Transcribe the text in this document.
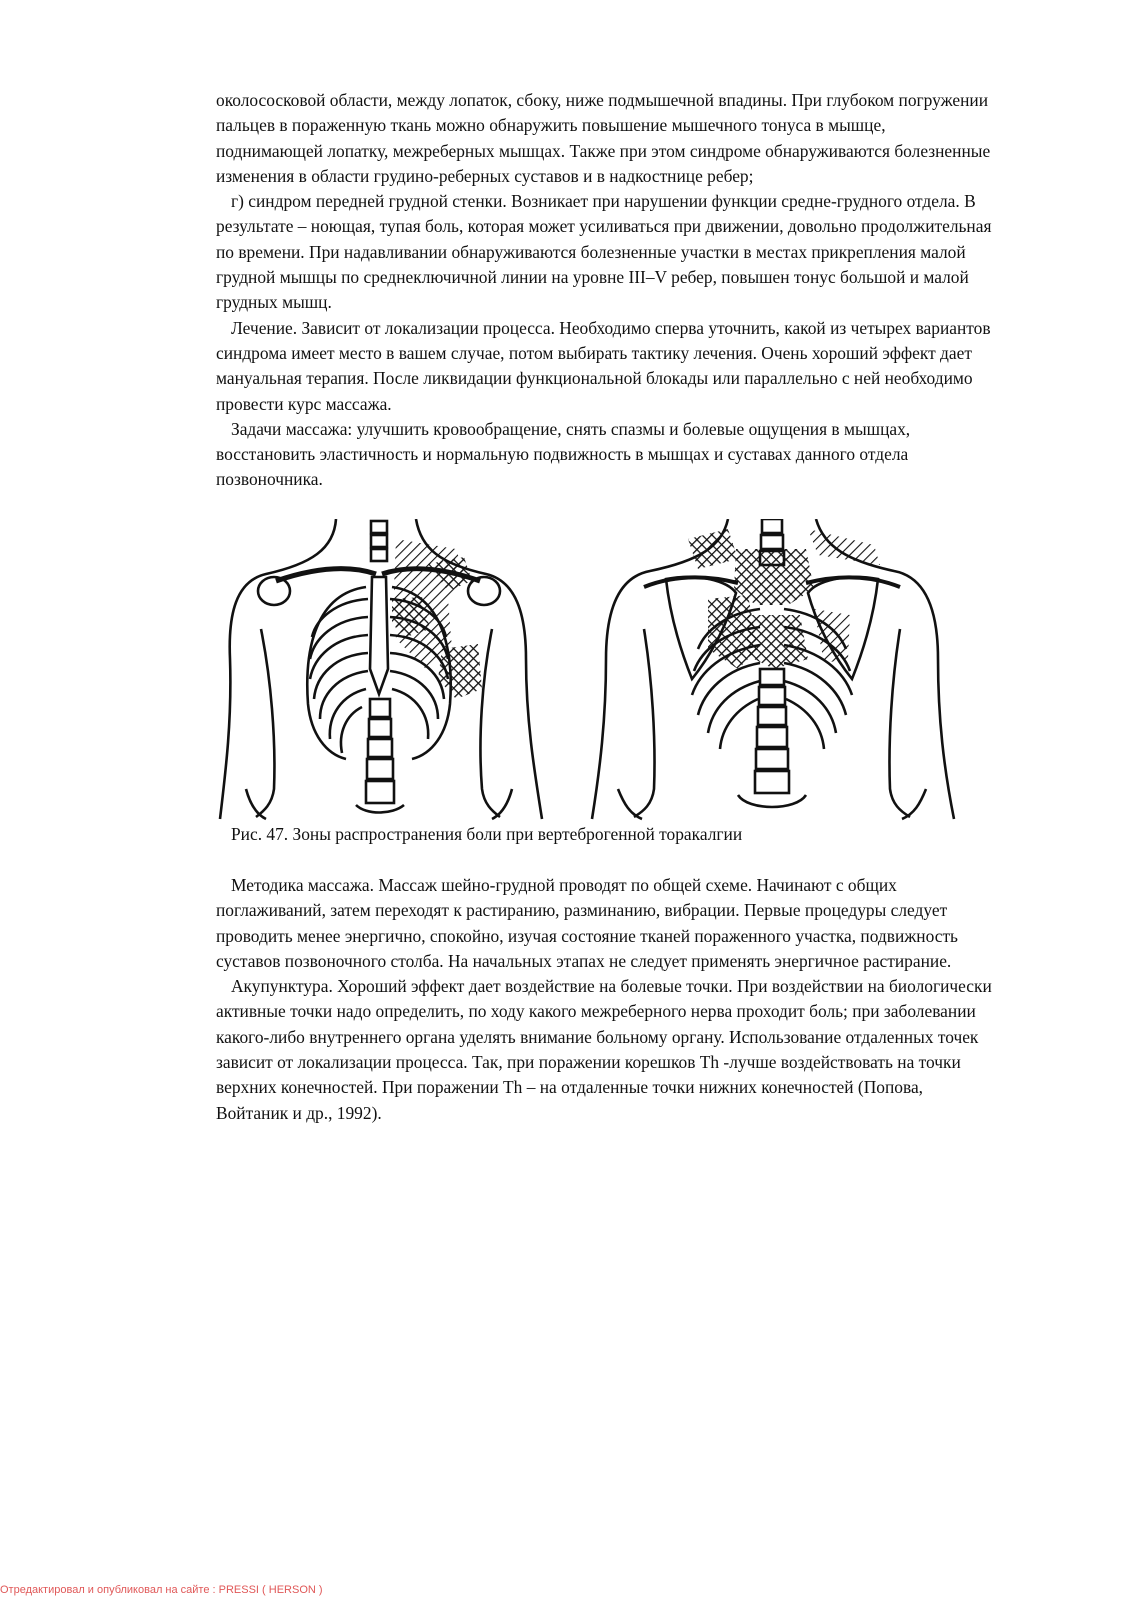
околососковой области, между лопаток, сбоку, ниже подмышечной впадины. При глубоком погружении пальцев в пораженную ткань можно обнаружить повышение мышечного тонуса в мышце, поднимающей лопатку, межреберных мышцах. Также при этом синдроме обнаруживаются болезненные изменения в области грудино-реберных суставов и в надкостнице ребер;

г) синдром передней грудной стенки. Возникает при нарушении функции средне-грудного отдела. В результате – ноющая, тупая боль, которая может усиливаться при движении, довольно продолжительная по времени. При надавливании обнаруживаются болезненные участки в местах прикрепления малой грудной мышцы по среднеключичной линии на уровне III–V ребер, повышен тонус большой и малой грудных мышц.

Лечение. Зависит от локализации процесса. Необходимо сперва уточнить, какой из четырех вариантов синдрома имеет место в вашем случае, потом выбирать тактику лечения. Очень хороший эффект дает мануальная терапия. После ликвидации функциональной блокады или параллельно с ней необходимо провести курс массажа.

Задачи массажа: улучшить кровообращение, снять спазмы и болевые ощущения в мышцах, восстановить эластичность и нормальную подвижность в мышцах и суставах данного отдела позвоночника.

Рис. 47. Зоны распространения боли при вертеброгенной торакалгии

Методика массажа. Массаж шейно-грудной проводят по общей схеме. Начинают с общих поглаживаний, затем переходят к растиранию, разминанию, вибрации. Первые процедуры следует проводить менее энергично, спокойно, изучая состояние тканей пораженного участка, подвижность суставов позвоночного столба. На начальных этапах не следует применять энергичное растирание.

Акупунктура. Хороший эффект дает воздействие на болевые точки. При воздействии на биологически активные точки надо определить, по ходу какого межреберного нерва проходит боль; при заболевании какого-либо внутреннего органа уделять внимание больному органу. Использование отдаленных точек зависит от локализации процесса. Так, при поражении корешков Th -лучше воздействовать на точки верхних конечностей. При поражении Th – на отдаленные точки нижних конечностей (Попова, Войтаник и др., 1992).

Отредактировал и опубликовал на сайте : PRESSI ( HERSON )
